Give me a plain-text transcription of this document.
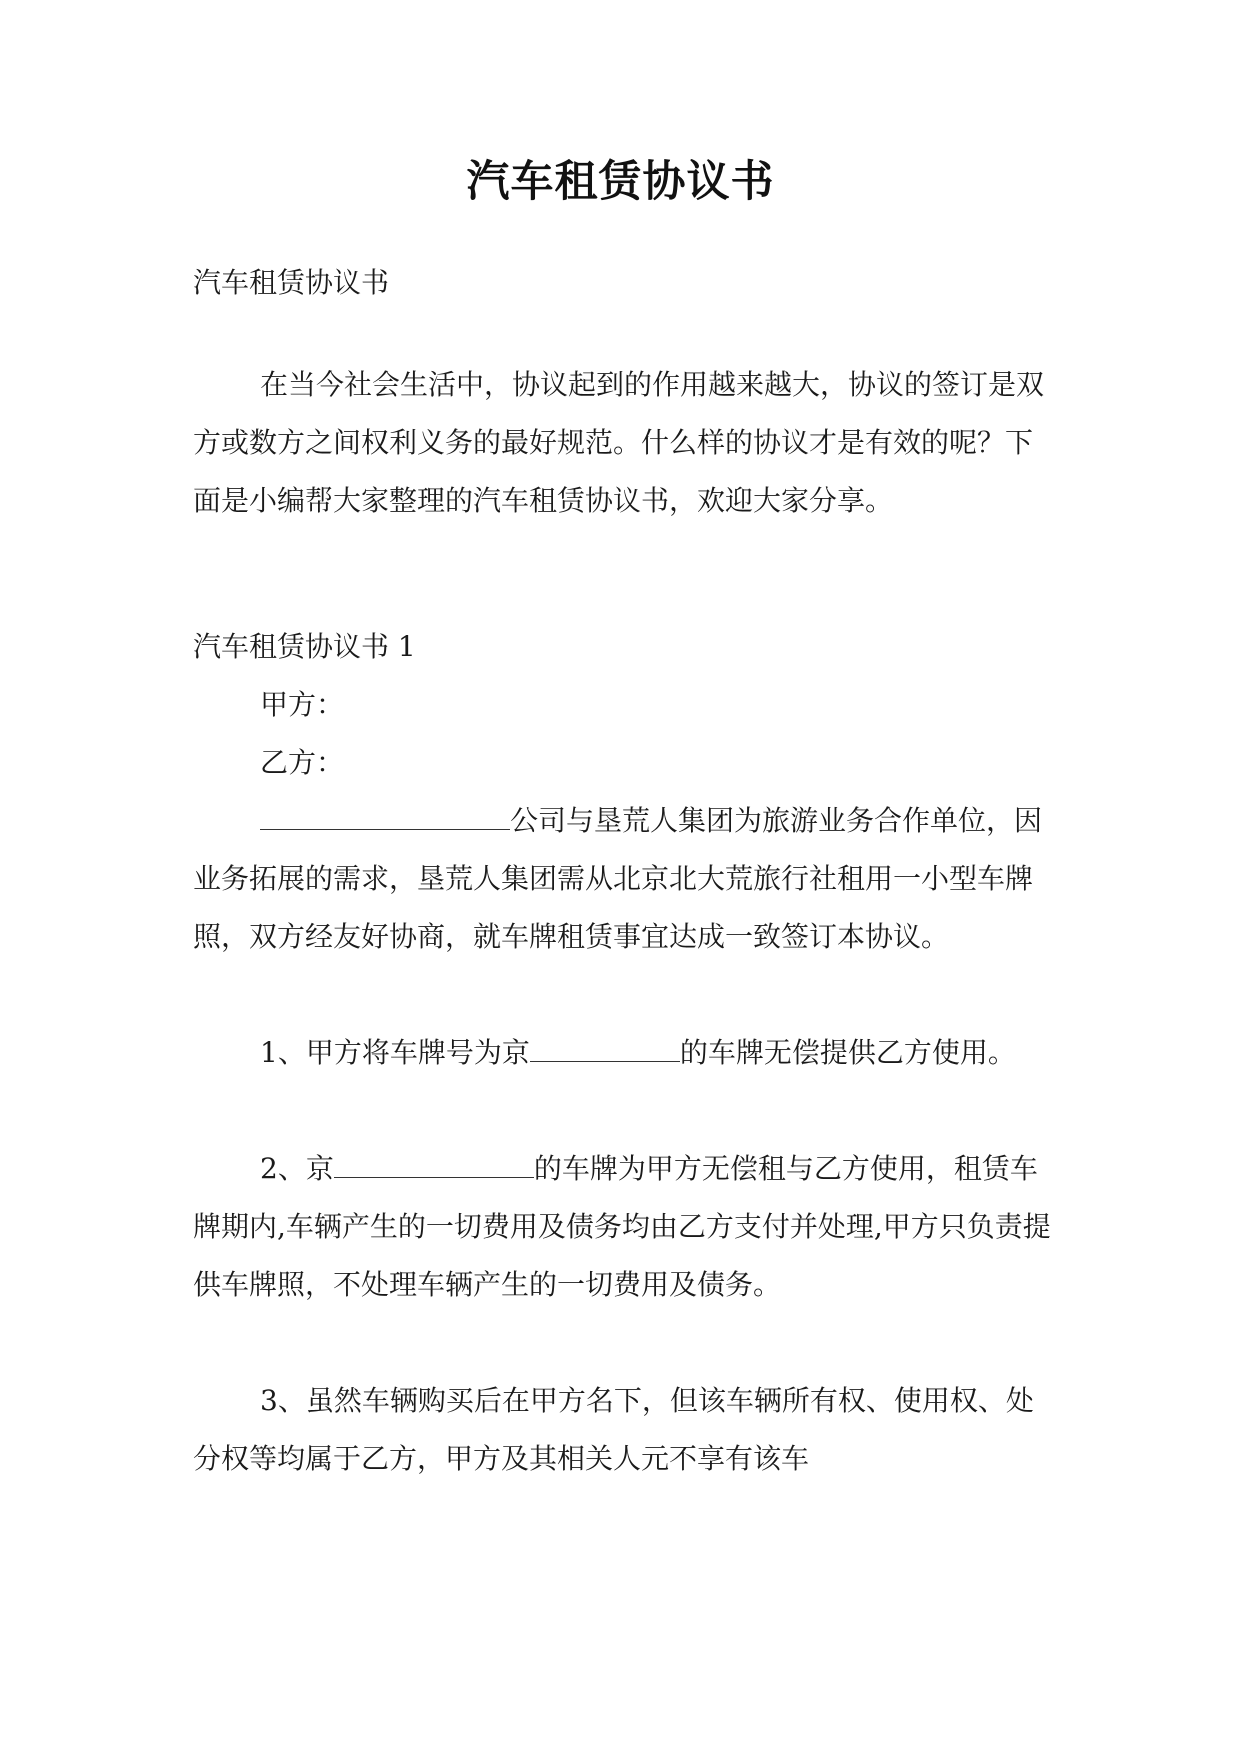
汽车租赁协议书
汽车租赁协议书
在当今社会生活中，协议起到的作用越来越大，协议的签订是双方或数方之间权利义务的最好规范。什么样的协议才是有效的呢？下面是小编帮大家整理的汽车租赁协议书，欢迎大家分享。
汽车租赁协议书 1
甲方：
乙方：
公司与垦荒人集团为旅游业务合作单位，因业务拓展的需求，垦荒人集团需从北京北大荒旅行社租用一小型车牌照，双方经友好协商，就车牌租赁事宜达成一致签订本协议。
1、甲方将车牌号为京	的车牌无偿提供乙方使用。
2、京	的车牌为甲方无偿租与乙方使用，租赁车牌期内,车辆产生的一切费用及债务均由乙方支付并处理,甲方只负责提供车牌照，不处理车辆产生的一切费用及债务。
3、虽然车辆购买后在甲方名下，但该车辆所有权、使用权、处分权等均属于乙方，甲方及其相关人元不享有该车
